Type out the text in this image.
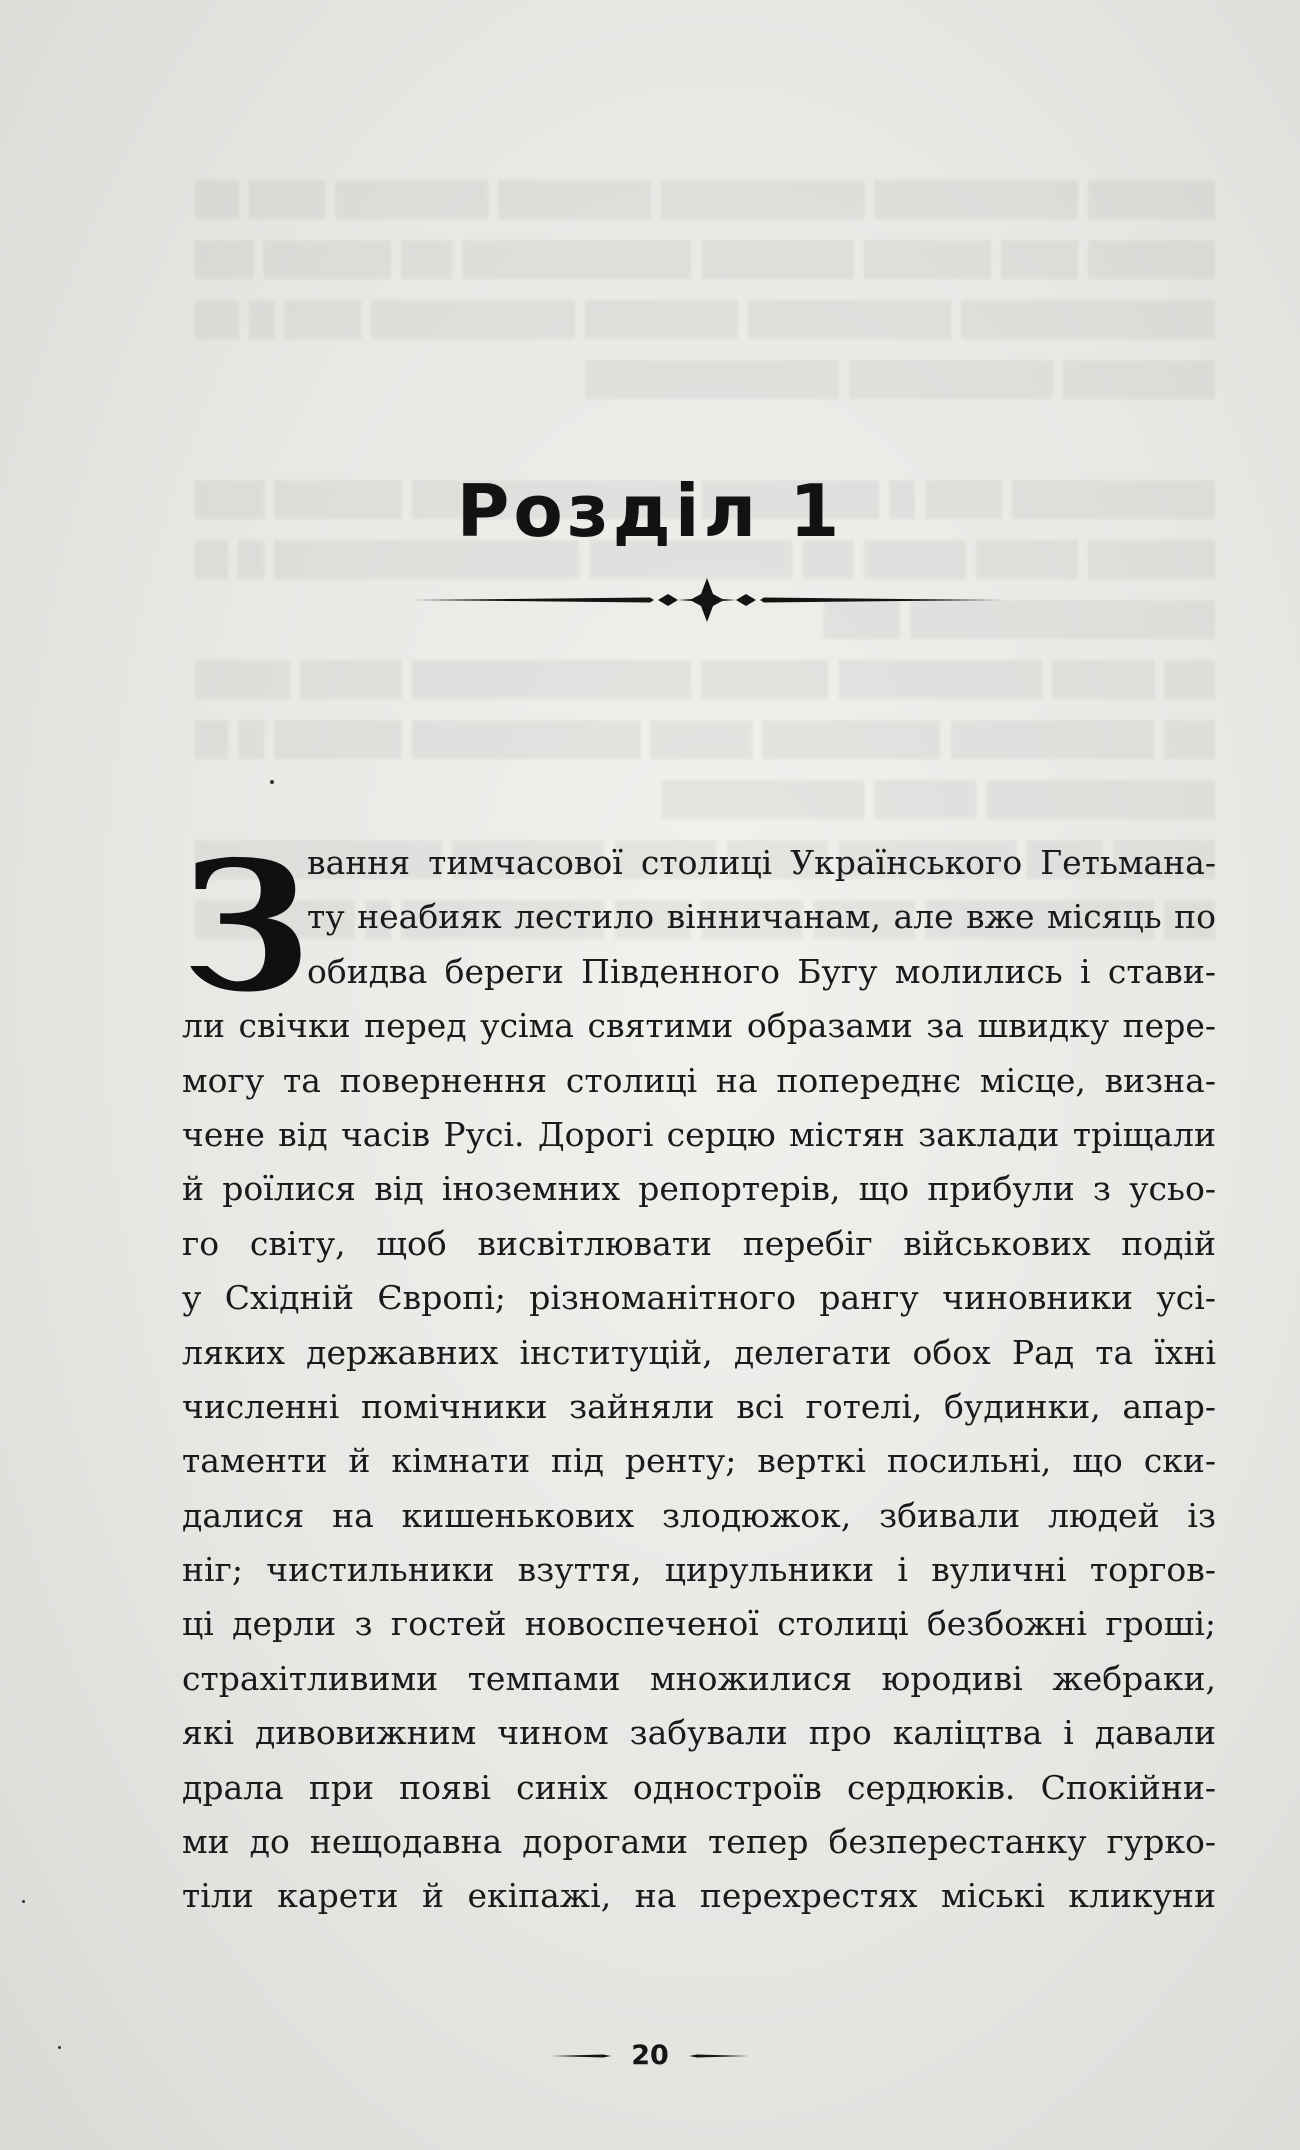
Розділ 1
З
вання тимчасової столиці Українського Гетьмана-
ту неабияк лестило вінничанам, але вже місяць по
обидва береги Південного Бугу молились і стави-
ли свічки перед усіма святими образами за швидку пере-
могу та повернення столиці на попереднє місце, визна-
чене від часів Русі. Дорогі серцю містян заклади тріщали
й роїлися від іноземних репортерів, що прибули з усьо-
го світу, щоб висвітлювати перебіг військових подій
у Східній Європі; різноманітного рангу чиновники усі-
ляких державних інституцій, делегати обох Рад та їхні
численні помічники зайняли всі готелі, будинки, апар-
таменти й кімнати під ренту; верткі посильні, що ски-
далися на кишенькових злодюжок, збивали людей із
ніг; чистильники взуття, цирульники і вуличні торгов-
ці дерли з гостей новоспеченої столиці безбожні гроші;
страхітливими темпами множилися юродиві жебраки,
які дивовижним чином забували про каліцтва і давали
драла при появі синіх одностроїв сердюків. Спокійни-
ми до нещодавна дорогами тепер безперестанку гурко-
тіли карети й екіпажі, на перехрестях міські кликуни
20
